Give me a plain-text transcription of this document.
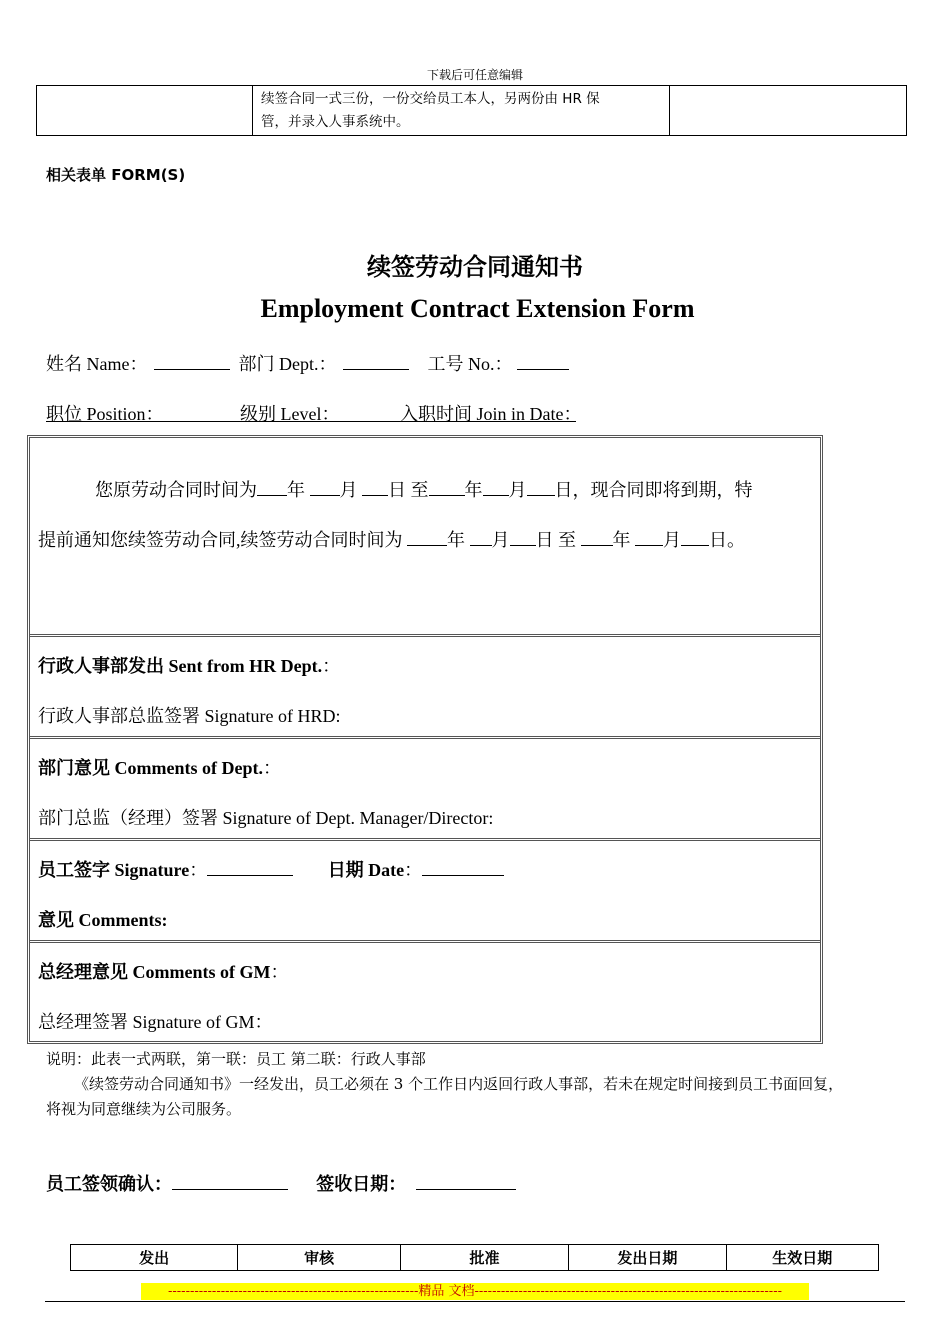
下载后可任意编辑

续签合同一式三份，一份交给员工本人，另两份由 HR 保
管，并录入人事系统中。

相关表单 FORM(S)
续签劳动合同通知书
Employment Contract Extension Form
姓名 Name：	部门 Dept.：	工号 No.：
职位 Position：	级别 Level：	入职时间 Join in Date：
您原劳动合同时间为 年 月 日 至 年 月 日，现合同即将到期，特
提前通知您续签劳动合同,续签劳动合同时间为 年 月 日 至 年 月 日。
行政人事部发出 Sent from HR Dept.：
行政人事部总监签署 Signature of HRD:
部门意见 Comments of Dept.：
部门总监（经理）签署 Signature of Dept. Manager/Director:
员工签字 Signature：	日期 Date：
意见 Comments:
总经理意见 Comments of GM：
总经理签署 Signature of GM：
说明：此表一式两联，第一联：员工 第二联：行政人事部
《续签劳动合同通知书》一经发出，员工必须在 3 个工作日内返回行政人事部，若未在规定时间接到员工书面回复，
将视为同意继续为公司服务。
员工签领确认：	签收日期：
发出	审核	批准	发出日期	生效日期
---------------------------------------------------------精品 文档----------------------------------------------------------------------
